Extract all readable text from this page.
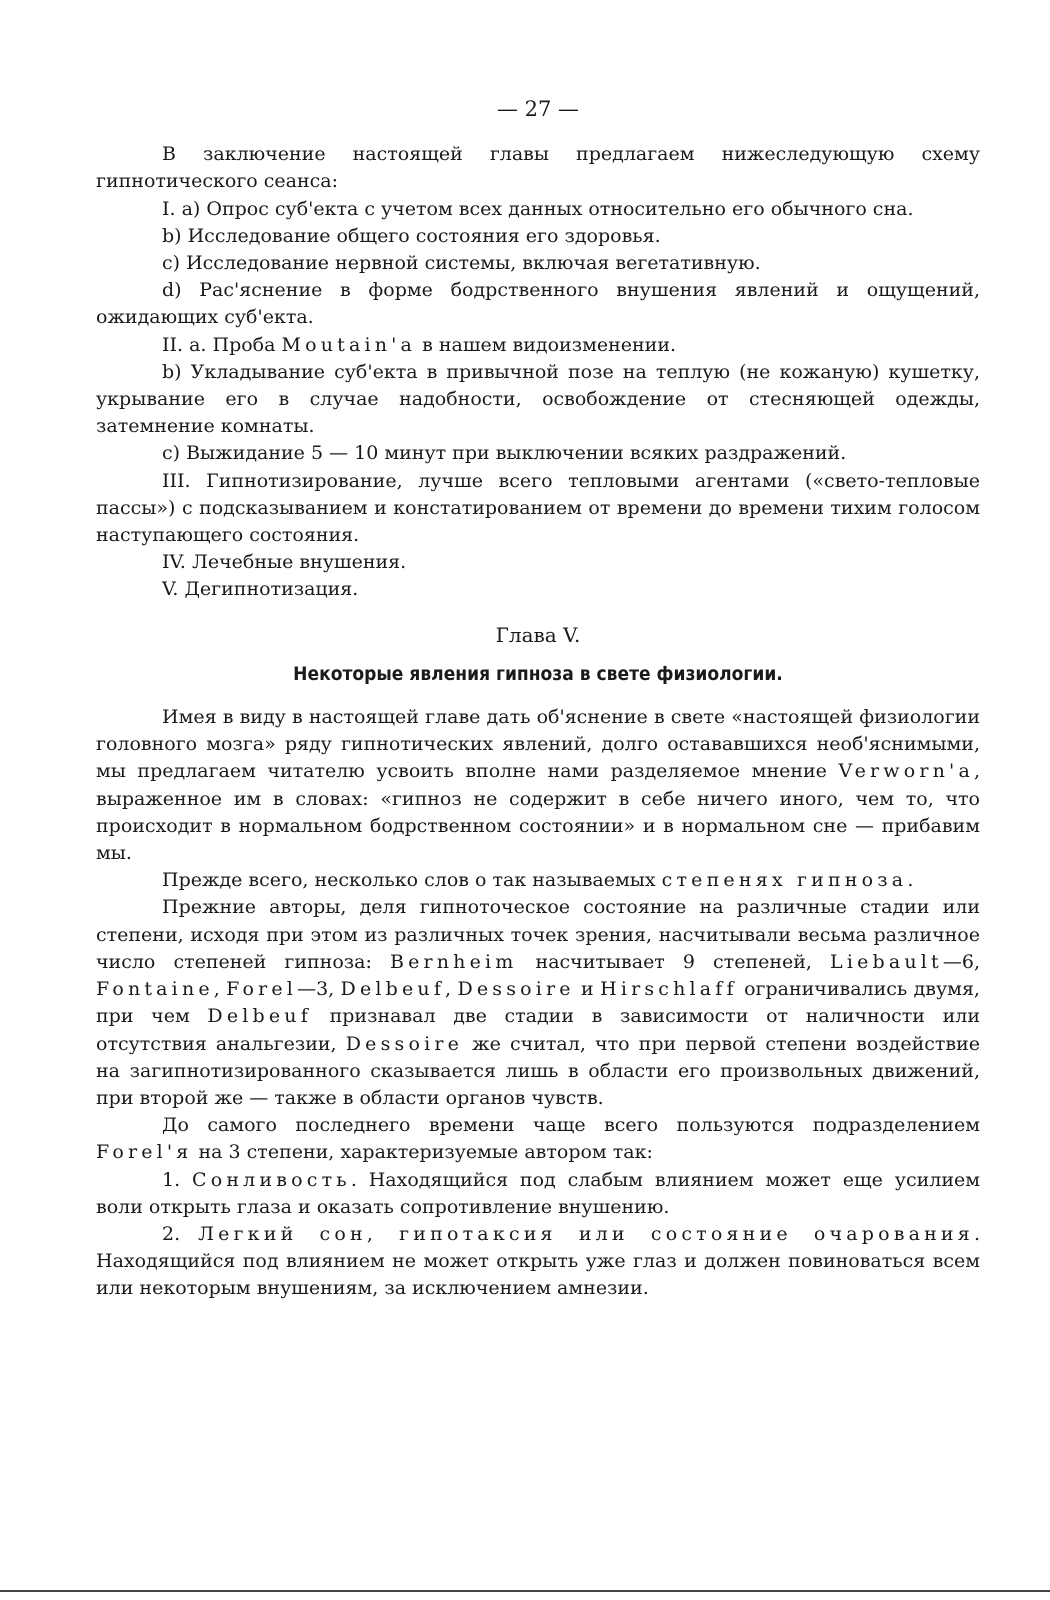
— 27 —

В заключение настоящей главы предлагаем нижеследующую схему гипнотического сеанса:

I. a) Опрос суб'екта с учетом всех данных относительно его обычного сна.

b) Исследование общего состояния его здоровья.

c) Исследование нервной системы, включая вегетативную.

d) Рас'яснение в форме бодрственного внушения явлений и ощущений, ожидающих суб'екта.

II. a. Проба Moutain'a в нашем видоизменении.

b) Укладывание суб'екта в привычной позе на теплую (не кожаную) кушетку, укрывание его в случае надобности, освобождение от стесняющей одежды, затемнение комнаты.

c) Выжидание 5 — 10 минут при выключении всяких раздражений.

III. Гипнотизирование, лучше всего тепловыми агентами («свето-тепловые пассы») с подсказыванием и констатированием от времени до времени тихим голосом наступающего состояния.

IV. Лечебные внушения.

V. Дегипнотизация.

Глава V.
Некоторые явления гипноза в свете физиологии.

Имея в виду в настоящей главе дать об'яснение в свете «настоящей физиологии головного мозга» ряду гипнотических явлений, долго остававшихся необ'яснимыми, мы предлагаем читателю усвоить вполне нами разделяемое мнение Verworn'a, выраженное им в словах: «гипноз не содержит в себе ничего иного, чем то, что происходит в нормальном бодрственном состоянии» и в нормальном сне — прибавим мы.

Прежде всего, несколько слов о так называемых степенях гипноза.

Прежние авторы, деля гипноточеское состояние на различные стадии или степени, исходя при этом из различных точек зрения, насчитывали весьма различное число степеней гипноза: Bernheim насчитывает 9 степеней, Liebault—6, Fontaine, Forel—3, Delbeuf, Dessoire и Hirschlaff ограничивались двумя, при чем Delbeuf признавал две стадии в зависимости от наличности или отсутствия анальгезии, Dessoire же считал, что при первой степени воздействие на загипнотизированного сказывается лишь в области его произвольных движений, при второй же — также в области органов чувств.

До самого последнего времени чаще всего пользуются подразделением Forel'я на 3 степени, характеризуемые автором так:

1. Сонливость. Находящийся под слабым влиянием может еще усилием воли открыть глаза и оказать сопротивление внушению.

2. Легкий сон, гипотаксия или состояние очарования. Находящийся под влиянием не может открыть уже глаз и должен повиноваться всем или некоторым внушениям, за исключением амнезии.
